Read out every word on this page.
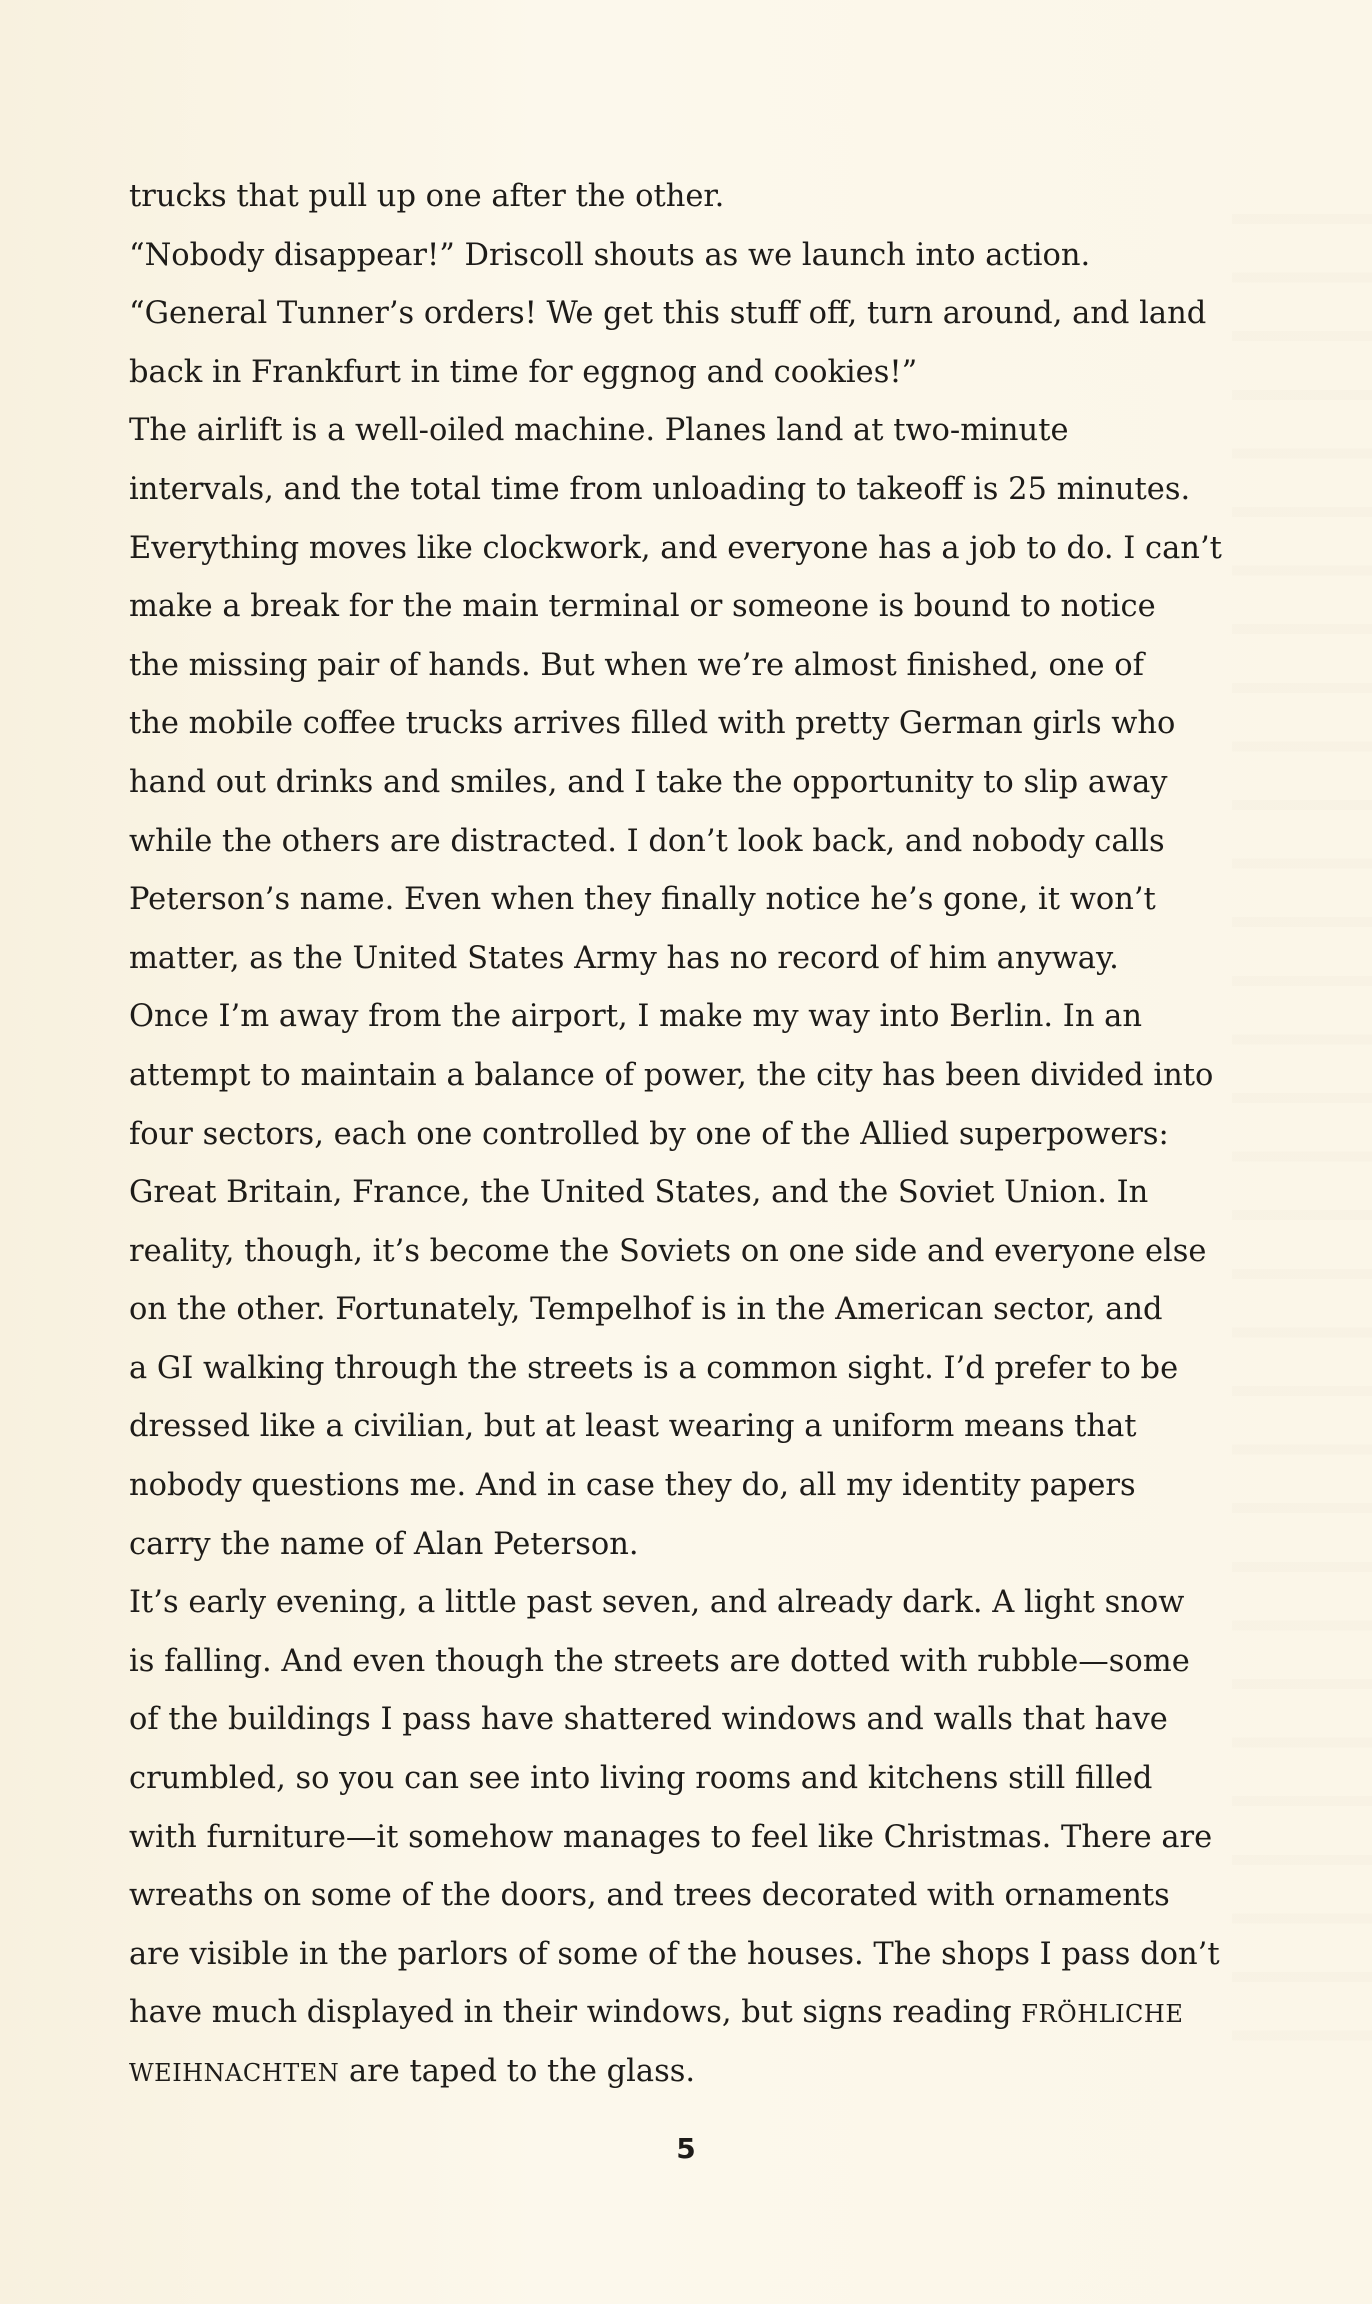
trucks that pull up one after the other.
“Nobody disappear!” Driscoll shouts as we launch into action.
“General Tunner’s orders! We get this stuff off, turn around, and land
back in Frankfurt in time for eggnog and cookies!”
The airlift is a well-oiled machine. Planes land at two-minute
intervals, and the total time from unloading to takeoff is 25 minutes.
Everything moves like clockwork, and everyone has a job to do. I can’t
make a break for the main terminal or someone is bound to notice
the missing pair of hands. But when we’re almost finished, one of
the mobile coffee trucks arrives filled with pretty German girls who
hand out drinks and smiles, and I take the opportunity to slip away
while the others are distracted. I don’t look back, and nobody calls
Peterson’s name. Even when they finally notice he’s gone, it won’t
matter, as the United States Army has no record of him anyway.
Once I’m away from the airport, I make my way into Berlin. In an
attempt to maintain a balance of power, the city has been divided into
four sectors, each one controlled by one of the Allied superpowers:
Great Britain, France, the United States, and the Soviet Union. In
reality, though, it’s become the Soviets on one side and everyone else
on the other. Fortunately, Tempelhof is in the American sector, and
a GI walking through the streets is a common sight. I’d prefer to be
dressed like a civilian, but at least wearing a uniform means that
nobody questions me. And in case they do, all my identity papers
carry the name of Alan Peterson.
It’s early evening, a little past seven, and already dark. A light snow
is falling. And even though the streets are dotted with rubble—some
of the buildings I pass have shattered windows and walls that have
crumbled, so you can see into living rooms and kitchens still filled
with furniture—it somehow manages to feel like Christmas. There are
wreaths on some of the doors, and trees decorated with ornaments
are visible in the parlors of some of the houses. The shops I pass don’t
have much displayed in their windows, but signs reading FRÖHLICHE
WEIHNACHTEN are taped to the glass.
5
